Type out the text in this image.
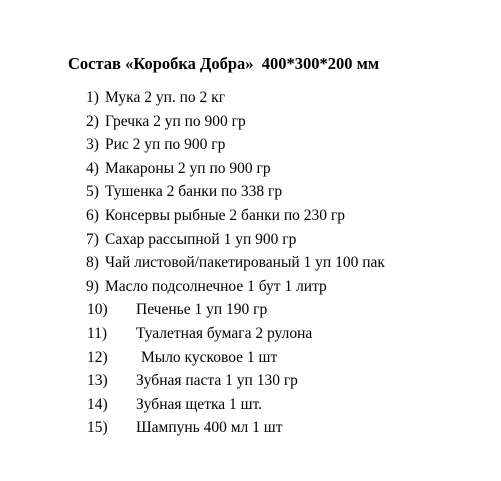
Состав «Коробка Добра»  400*300*200 мм
1) Мука 2 уп. по 2 кг
2) Гречка 2 уп по 900 гр
3) Рис 2 уп по 900 гр
4) Макароны 2 уп по 900 гр
5) Тушенка 2 банки по 338 гр
6) Консервы рыбные 2 банки по 230 гр
7) Сахар рассыпной 1 уп 900 гр
8) Чай листовой/пакетированый 1 уп 100 пак
9) Масло подсолнечное 1 бут 1 литр
10) Печенье 1 уп 190 гр
11) Туалетная бумага 2 рулона
12) Мыло кусковое 1 шт
13) Зубная паста 1 уп 130 гр
14) Зубная щетка 1 шт.
15) Шампунь 400 мл 1 шт
